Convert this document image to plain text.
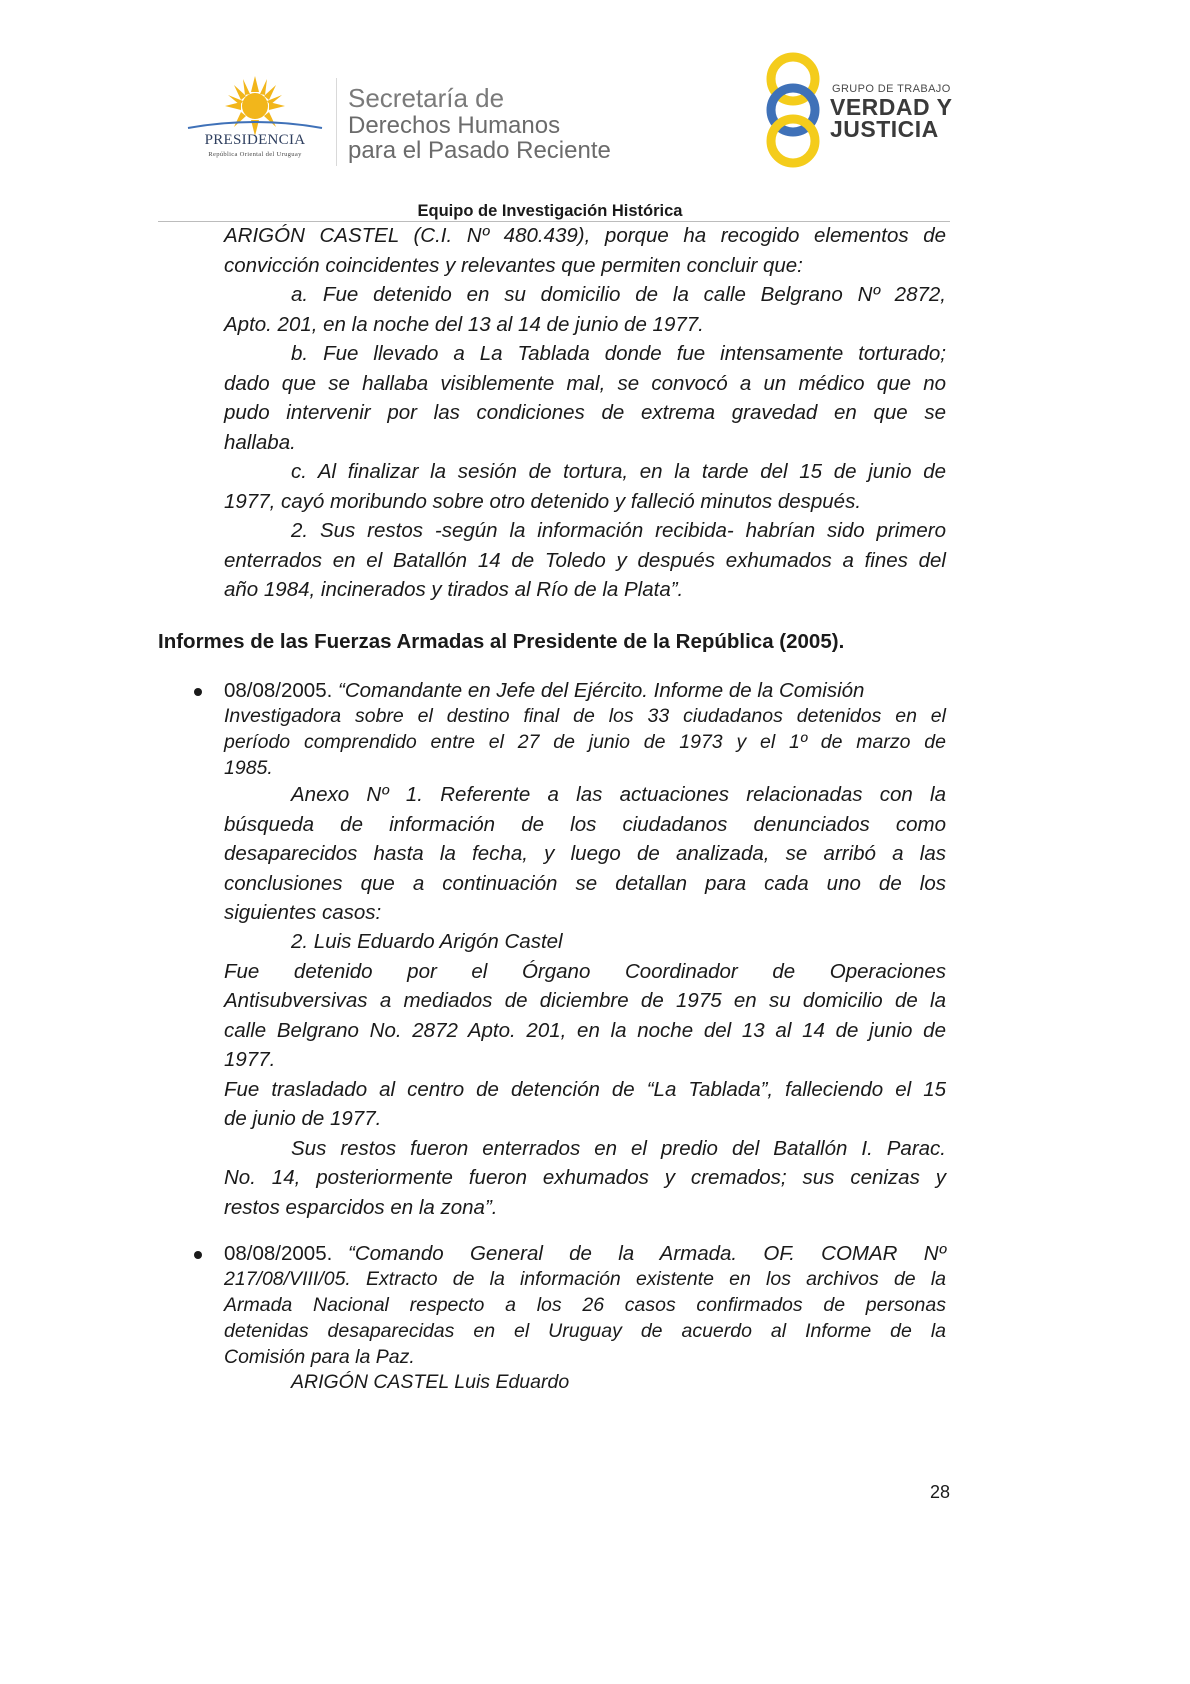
PRESIDENCIA
República Oriental del Uruguay
Secretaría de
Derechos Humanos
para el Pasado Reciente
GRUPO DE TRABAJO
VERDAD Y
JUSTICIA
Equipo de Investigación Histórica
ARIGÓN CASTEL (C.I. Nº 480.439), porque ha recogido elementos de
convicción coincidentes y relevantes que permiten concluir que:
a. Fue detenido en su domicilio de la calle Belgrano Nº 2872,
Apto. 201, en la noche del 13 al 14 de junio de 1977.
b. Fue llevado a La Tablada donde fue intensamente torturado;
dado que se hallaba visiblemente mal, se convocó a un médico que no
pudo intervenir por las condiciones de extrema gravedad en que se
hallaba.
c. Al finalizar la sesión de tortura, en la tarde del 15 de junio de
1977, cayó moribundo sobre otro detenido y falleció minutos después.
2. Sus restos -según la información recibida- habrían sido primero
enterrados en el Batallón 14 de Toledo y después exhumados a fines del
año 1984, incinerados y tirados al Río de la Plata”.
Informes de las Fuerzas Armadas al Presidente de la República (2005).
08/08/2005. “Comandante en Jefe del Ejército. Informe de la Comisión
Investigadora sobre el destino final de los 33 ciudadanos detenidos en el
período comprendido entre el 27 de junio de 1973 y el 1º de marzo de
1985.
Anexo Nº 1. Referente a las actuaciones relacionadas con la
búsqueda de información de los ciudadanos denunciados como
desaparecidos hasta la fecha, y luego de analizada, se arribó a las
conclusiones que a continuación se detallan para cada uno de los
siguientes casos:
2. Luis Eduardo Arigón Castel
Fue detenido por el Órgano Coordinador de Operaciones
Antisubversivas a mediados de diciembre de 1975 en su domicilio de la
calle Belgrano No. 2872 Apto. 201, en la noche del 13 al 14 de junio de
1977.
Fue trasladado al centro de detención de “La Tablada”, falleciendo el 15
de junio de 1977.
Sus restos fueron enterrados en el predio del Batallón I. Parac.
No. 14, posteriormente fueron exhumados y cremados; sus cenizas y
restos esparcidos en la zona”.
08/08/2005. “Comando General de la Armada. OF. COMAR Nº
217/08/VIII/05. Extracto de la información existente en los archivos de la
Armada Nacional respecto a los 26 casos confirmados de personas
detenidas desaparecidas en el Uruguay de acuerdo al Informe de la
Comisión para la Paz.
ARIGÓN CASTEL Luis Eduardo
28
